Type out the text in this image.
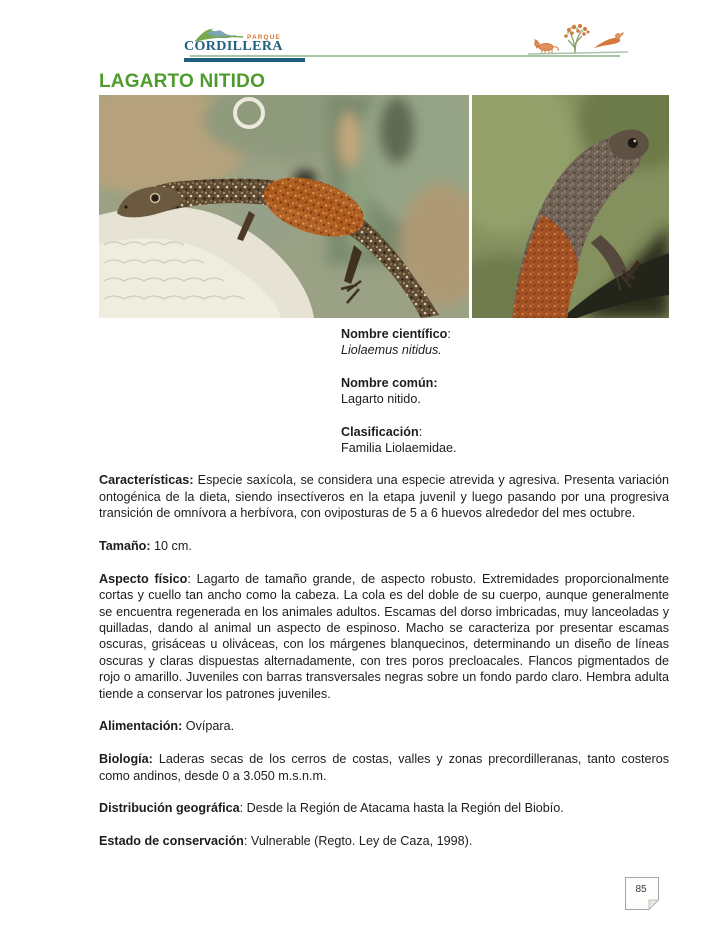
PARQUE
CORDILLERA
LAGARTO NITIDO
Nombre científico:
Liolaemus nitidus.
Nombre común:
Lagarto nitido.
Clasificación:
Familia Liolaemidae.

Características: Especie saxícola, se considera una especie atrevida y agresiva. Presenta variación ontogénica de la dieta, siendo insectíveros en la etapa juvenil y luego pasando por una progresiva transición de omnívora a herbívora, con oviposturas de 5 a 6 huevos alrededor del mes octubre.

Tamaño: 10 cm.

Aspecto físico: Lagarto de tamaño grande, de aspecto robusto. Extremidades proporcionalmente cortas y cuello tan ancho como la cabeza. La cola es del doble de su cuerpo, aunque generalmente se encuentra regenerada en los animales adultos. Escamas del dorso imbricadas, muy lanceoladas y quilladas, dando al animal un aspecto de espinoso. Macho se caracteriza por presentar escamas oscuras, grisáceas u oliváceas, con los márgenes blanquecinos, determinando un diseño de líneas oscuras y claras dispuestas alternadamente, con tres poros precloacales. Flancos pigmentados de rojo o amarillo. Juveniles con barras transversales negras sobre un fondo pardo claro. Hembra adulta tiende a conservar los patrones juveniles.

Alimentación: Ovípara.

Biología: Laderas secas de los cerros de costas, valles y zonas precordilleranas, tanto costeros como andinos, desde 0 a 3.050 m.s.n.m.

Distribución geográfica: Desde la Región de Atacama hasta la Región del Biobío.

Estado de conservación: Vulnerable (Regto. Ley de Caza, 1998).

85
